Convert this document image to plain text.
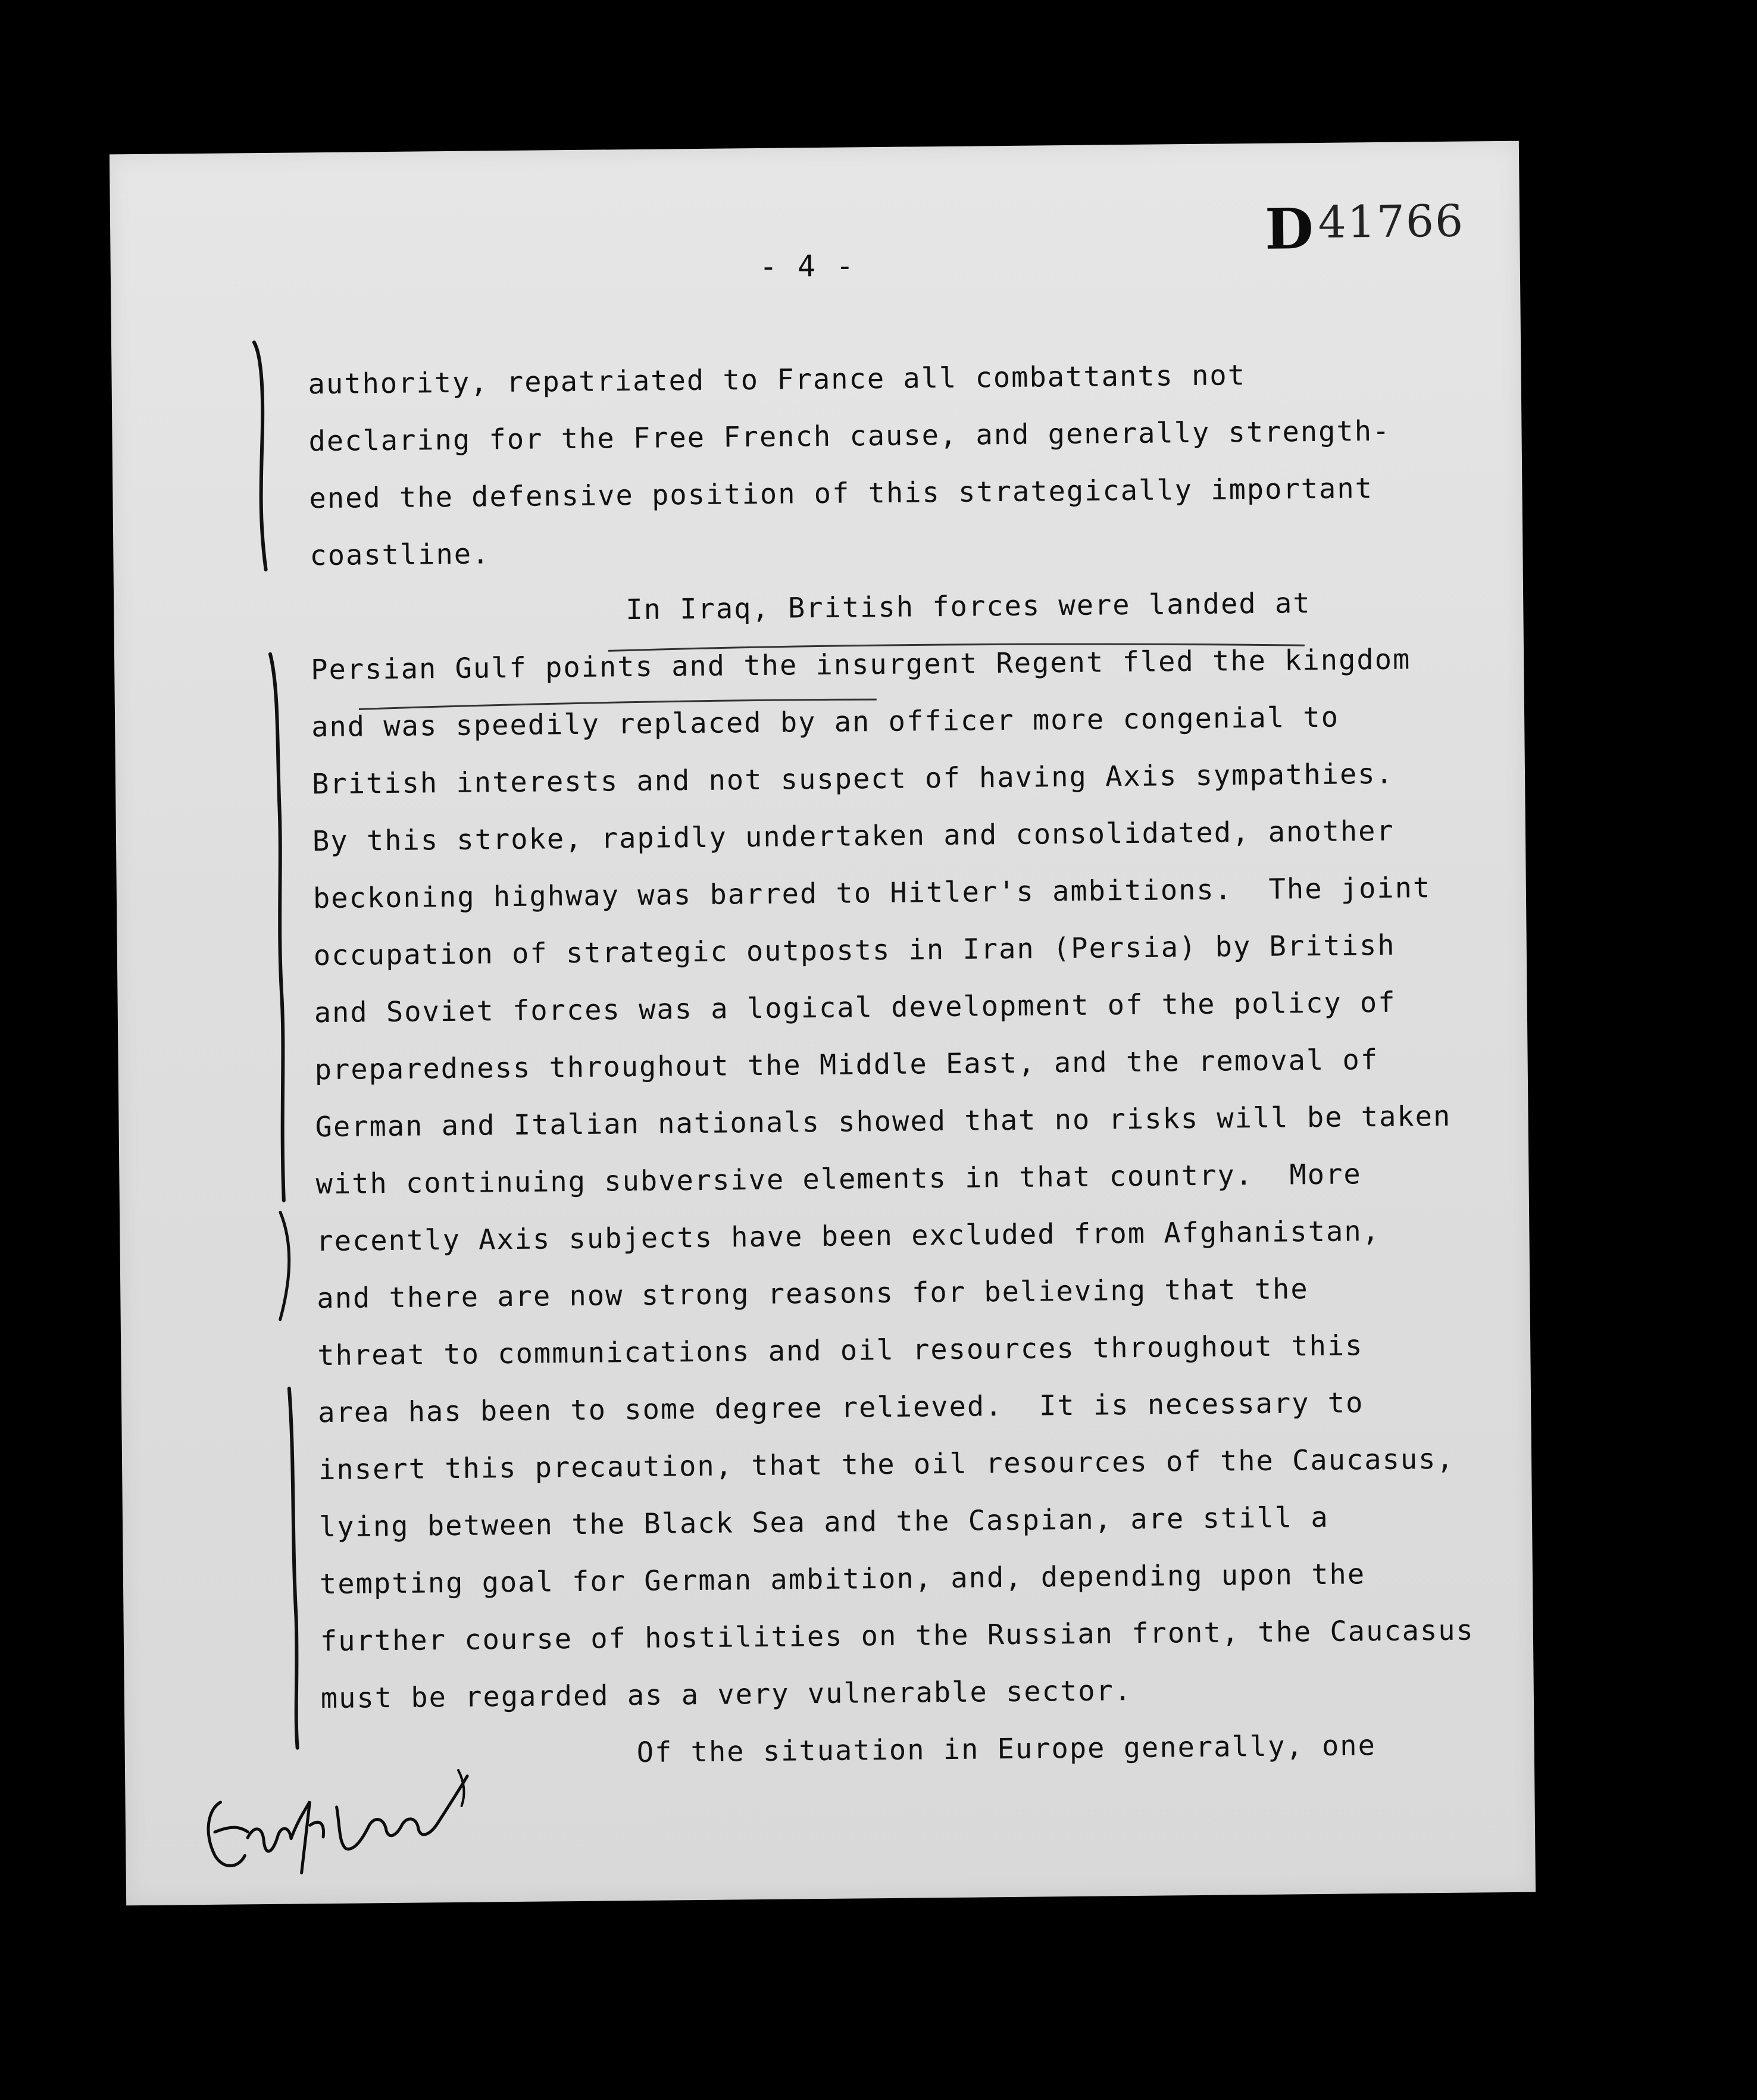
D41766
- 4 -
authority, repatriated to France all combattants not
declaring for the Free French cause, and generally strength-
ened the defensive position of this strategically important
coastline.
In Iraq, British forces were landed at
Persian Gulf points and the insurgent Regent fled the kingdom
and was speedily replaced by an officer more congenial to
British interests and not suspect of having Axis sympathies.
By this stroke, rapidly undertaken and consolidated, another
beckoning highway was barred to Hitler's ambitions.  The joint
occupation of strategic outposts in Iran (Persia) by British
and Soviet forces was a logical development of the policy of
preparedness throughout the Middle East, and the removal of
German and Italian nationals showed that no risks will be taken
with continuing subversive elements in that country.  More
recently Axis subjects have been excluded from Afghanistan,
and there are now strong reasons for believing that the
threat to communications and oil resources throughout this
area has been to some degree relieved.  It is necessary to
insert this precaution, that the oil resources of the Caucasus,
lying between the Black Sea and the Caspian, are still a
tempting goal for German ambition, and, depending upon the
further course of hostilities on the Russian front, the Caucasus
must be regarded as a very vulnerable sector.
Of the situation in Europe generally, one
